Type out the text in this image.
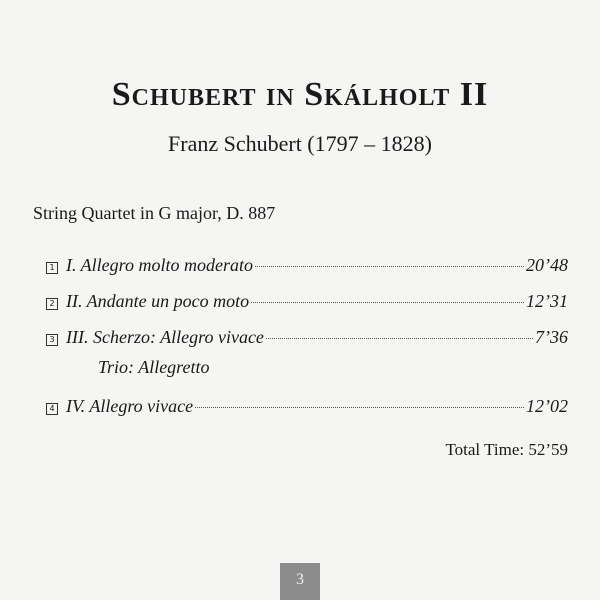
Schubert in Skálholt II
Franz Schubert (1797 – 1828)
String Quartet in G major, D. 887
1 I. Allegro molto moderato	20’48
2 II. Andante un poco moto	12’31
3 III. Scherzo: Allegro vivace	7’36
Trio: Allegretto
4 IV. Allegro vivace	12’02
Total Time: 52’59
3
